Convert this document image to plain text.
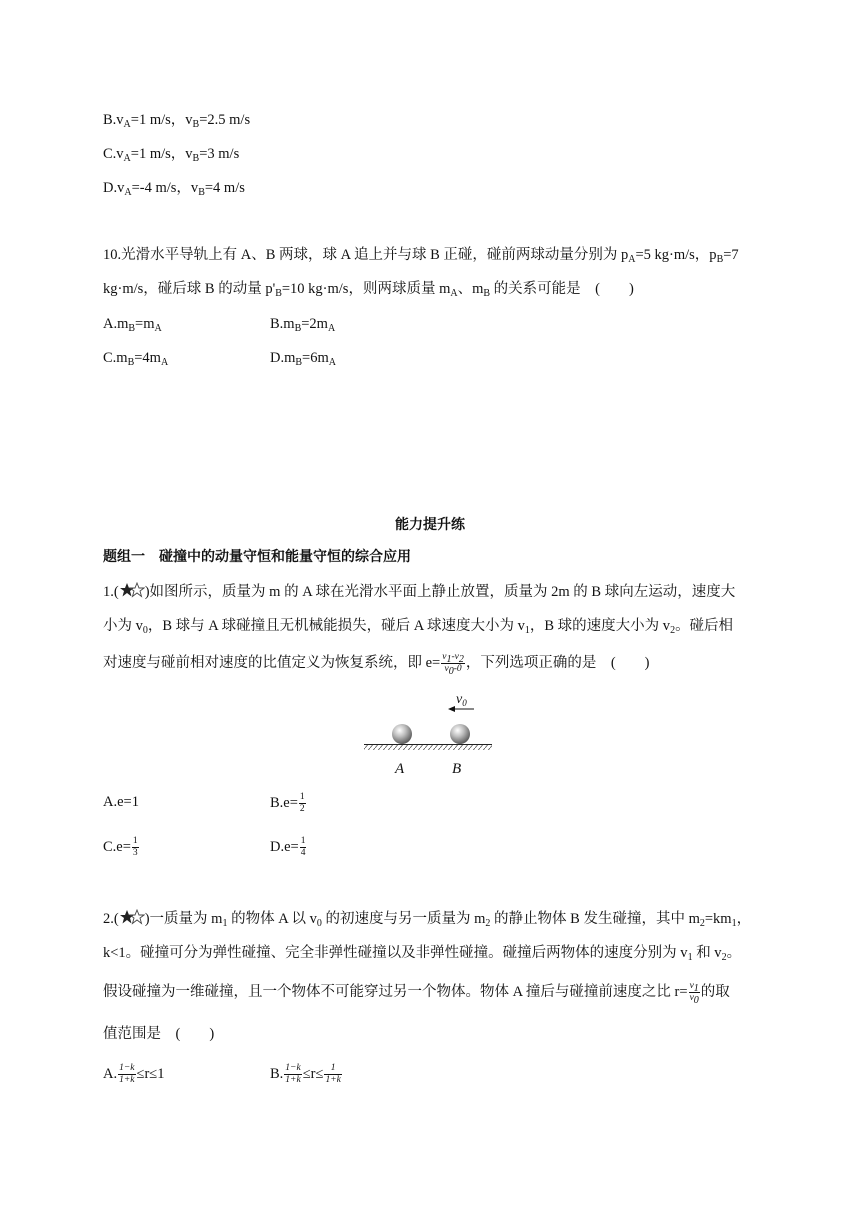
$B.v_A=1$ m/s，$v_B=2.5$ m/s
$C.v_A=1$ m/s，$v_B=3$ m/s
$D.v_A=-4$ m/s，$v_B=4$ m/s
10.光滑水平导轨上有 A、B 两球，球 A 追上并与球 B 正碰，碰前两球动量分别为 $p_A=5$ kg·m/s，$p_B=7$
kg·m/s，碰后球 B 的动量 $p'_B=10$ kg·m/s，则两球质量 $m_A$、$m_B$ 的关系可能是　(　　)
$A.m_B=m_A$	$B.m_B=2m_A$
$C.m_B=4m_A$	$D.m_B=6m_A$
能力提升练
题组一　碰撞中的动量守恒和能量守恒的综合应用
1.( )如图所示，质量为 m 的 A 球在光滑水平面上静止放置，质量为 2m 的 B 球向左运动，速度大
小为 $v_0$，B 球与 A 球碰撞且无机械能损失，碰后 A 球速度大小为 $v_1$，B 球的速度大小为 $v_2$。碰后相
对速度与碰前相对速度的比值定义为恢复系统，即 $e= \frac{v_1-v_2}{v_0-0}$ ，下列选项正确的是　(　　)
$v_0$
A	B
A.e=1	$B.e= \frac{1}{2}$
$C.e= \frac{1}{3}$	$D.e= \frac{1}{4}$
2.( )一质量为 $m_1$ 的物体 A 以 $v_0$ 的初速度与另一质量为 $m_2$ 的静止物体 B 发生碰撞，其中 $m_2=km_1$，
k<1。碰撞可分为弹性碰撞、完全非弹性碰撞以及非弹性碰撞。碰撞后两物体的速度分别为 $v_1$ 和 $v_2$。
假设碰撞为一维碰撞，且一个物体不可能穿过另一个物体。物体 A 撞后与碰撞前速度之比 $r= \frac{v_1}{v_0}$ 的取
值范围是　(　　)
A. $\frac{1-k}{1+k} \le r\le 1$	B. $\frac{1-k}{1+k} \le r\le \frac{1}{1+k}$
